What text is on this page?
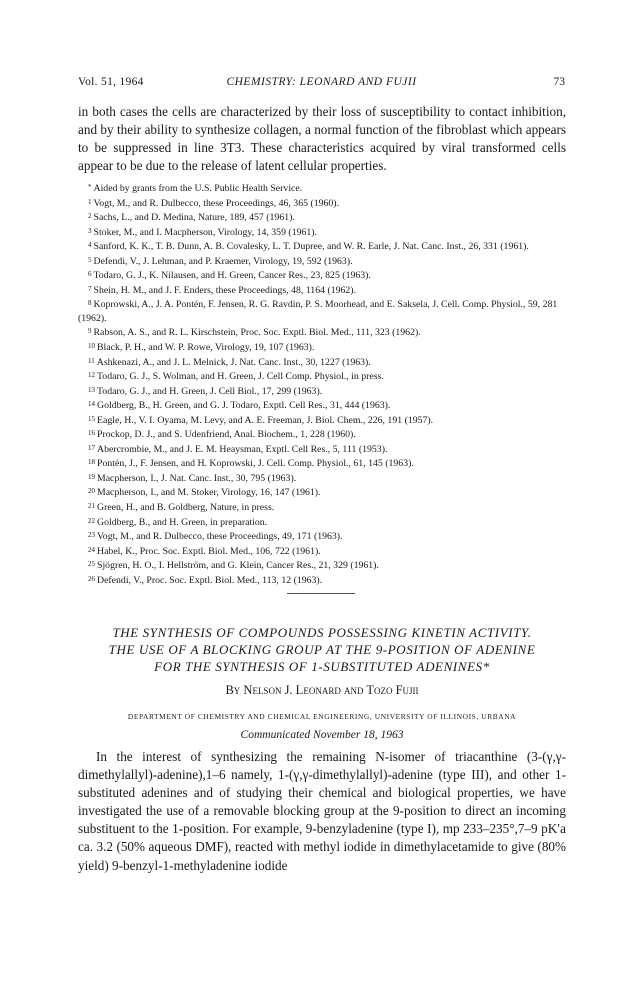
Vol. 51, 1964	CHEMISTRY: LEONARD AND FUJII	73

in both cases the cells are characterized by their loss of susceptibility to contact inhibition, and by their ability to synthesize collagen, a normal function of the fibroblast which appears to be suppressed in line 3T3. These characteristics acquired by viral transformed cells appear to be due to the release of latent cellular properties.

* Aided by grants from the U.S. Public Health Service.
$^1$ Vogt, M., and R. Dulbecco, these Proceedings, 46, 365 (1960).
$^2$ Sachs, L., and D. Medina, Nature, 189, 457 (1961).
$^3$ Stoker, M., and I. Macpherson, Virology, 14, 359 (1961).
$^4$ Sanford, K. K., T. B. Dunn, A. B. Covalesky, L. T. Dupree, and W. R. Earle, J. Nat. Canc. Inst., 26, 331 (1961).
$^5$ Defendi, V., J. Lehman, and P. Kraemer, Virology, 19, 592 (1963).
$^6$ Todaro, G. J., K. Nilausen, and H. Green, Cancer Res., 23, 825 (1963).
$^7$ Shein, H. M., and J. F. Enders, these Proceedings, 48, 1164 (1962).
$^8$ Koprowski, A., J. A. Pontén, F. Jensen, R. G. Ravdin, P. S. Moorhead, and E. Saksela, J. Cell. Comp. Physiol., 59, 281 (1962).
$^9$ Rabson, A. S., and R. L. Kirschstein, Proc. Soc. Exptl. Biol. Med., 111, 323 (1962).
$^{10}$ Black, P. H., and W. P. Rowe, Virology, 19, 107 (1963).
$^{11}$ Ashkenazi, A., and J. L. Melnick, J. Nat. Canc. Inst., 30, 1227 (1963).
$^{12}$ Todaro, G. J., S. Wolman, and H. Green, J. Cell Comp. Physiol., in press.
$^{13}$ Todaro, G. J., and H. Green, J. Cell Biol., 17, 299 (1963).
$^{14}$ Goldberg, B., H. Green, and G. J. Todaro, Exptl. Cell Res., 31, 444 (1963).
$^{15}$ Eagle, H., V. I. Oyama, M. Levy, and A. E. Freeman, J. Biol. Chem., 226, 191 (1957).
$^{16}$ Prockop, D. J., and S. Udenfriend, Anal. Biochem., 1, 228 (1960).
$^{17}$ Abercrombie, M., and J. E. M. Heaysman, Exptl. Cell Res., 5, 111 (1953).
$^{18}$ Pontén, J., F. Jensen, and H. Koprowski, J. Cell. Comp. Physiol., 61, 145 (1963).
$^{19}$ Macpherson, I., J. Nat. Canc. Inst., 30, 795 (1963).
$^{20}$ Macpherson, I., and M. Stoker, Virology, 16, 147 (1961).
$^{21}$ Green, H., and B. Goldberg, Nature, in press.
$^{22}$ Goldberg, B., and H. Green, in preparation.
$^{23}$ Vogt, M., and R. Dulbecco, these Proceedings, 49, 171 (1963).
$^{24}$ Habel, K., Proc. Soc. Exptl. Biol. Med., 106, 722 (1961).
$^{25}$ Sjögren, H. O., I. Hellström, and G. Klein, Cancer Res., 21, 329 (1961).
$^{26}$ Defendi, V., Proc. Soc. Exptl. Biol. Med., 113, 12 (1963).
THE SYNTHESIS OF COMPOUNDS POSSESSING KINETIN ACTIVITY.
THE USE OF A BLOCKING GROUP AT THE 9-POSITION OF ADENINE
FOR THE SYNTHESIS OF 1-SUBSTITUTED ADENINES*
By Nelson J. Leonard and Tozo Fujii
DEPARTMENT OF CHEMISTRY AND CHEMICAL ENGINEERING, UNIVERSITY OF ILLINOIS, URBANA
Communicated November 18, 1963

In the interest of synthesizing the remaining N-isomer of triacanthine (3-(γ,γ-dimethylallyl)-adenine),1–6 namely, 1-(γ,γ-dimethylallyl)-adenine (type III), and other 1-substituted adenines and of studying their chemical and biological properties, we have investigated the use of a removable blocking group at the 9-position to direct an incoming substituent to the 1-position. For example, 9-benzyladenine (type I), mp 233–235°,7–9 pK′a ca. 3.2 (50% aqueous DMF), reacted with methyl iodide in dimethylacetamide to give (80% yield) 9-benzyl-1-methyladenine iodide
